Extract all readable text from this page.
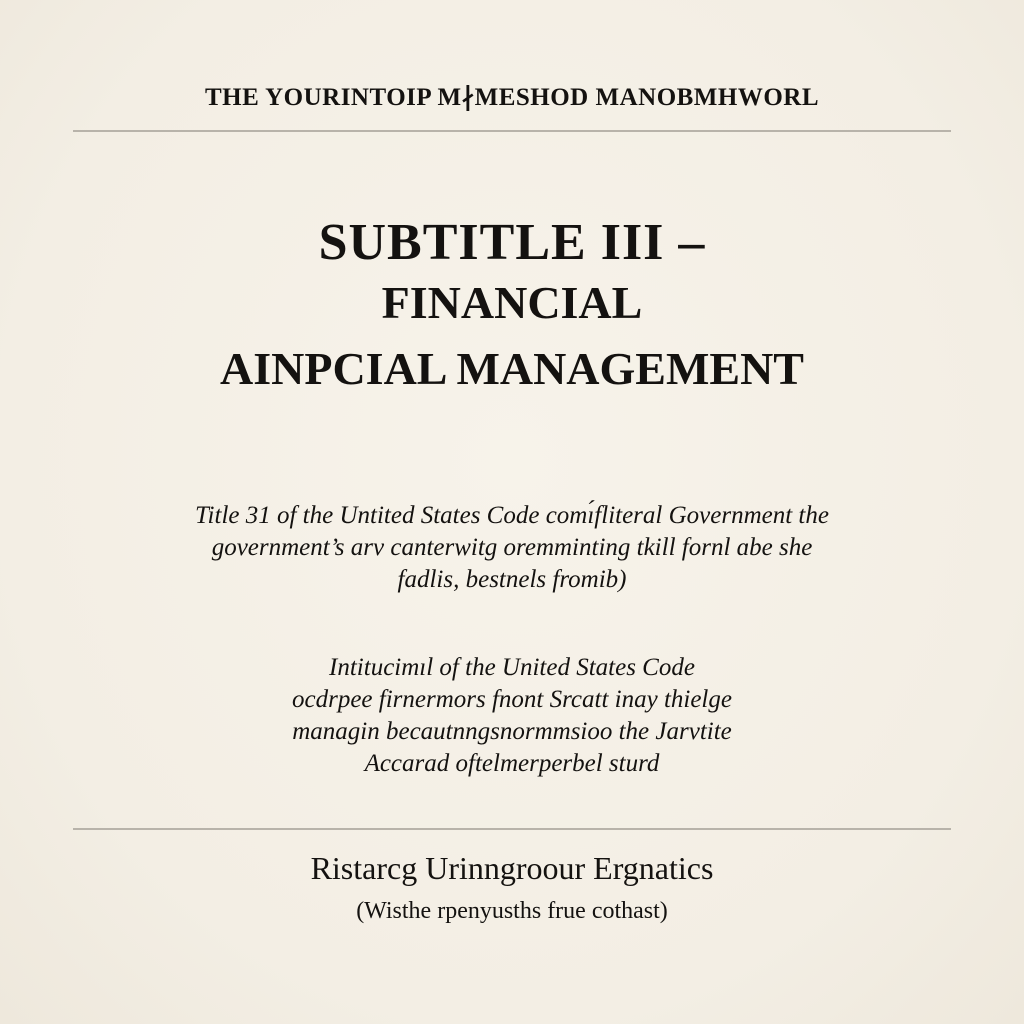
THE YOURINTOIP M∤MESHOD MANOBMHWORL
SUBTITLE III –
FINANCIAL
AINPCIAL MANAGEMENT

Title 31 of the Untited States Code comı́fliteral Government the
government’s arv canterwitg oremminting tkill fornl ɑbe she
fadlis, bestnels fromib)

Intitucimıl of the United States Code
ocdrpee firnermors fnont Srcatt inay thielge
managin becautnngsnormmsioo the Jarvtite
Accarad oftelmerperbel sturd

Ristarcg Urinngroour Ergnatics

(Wisthe rpenyusths frue cothast)
